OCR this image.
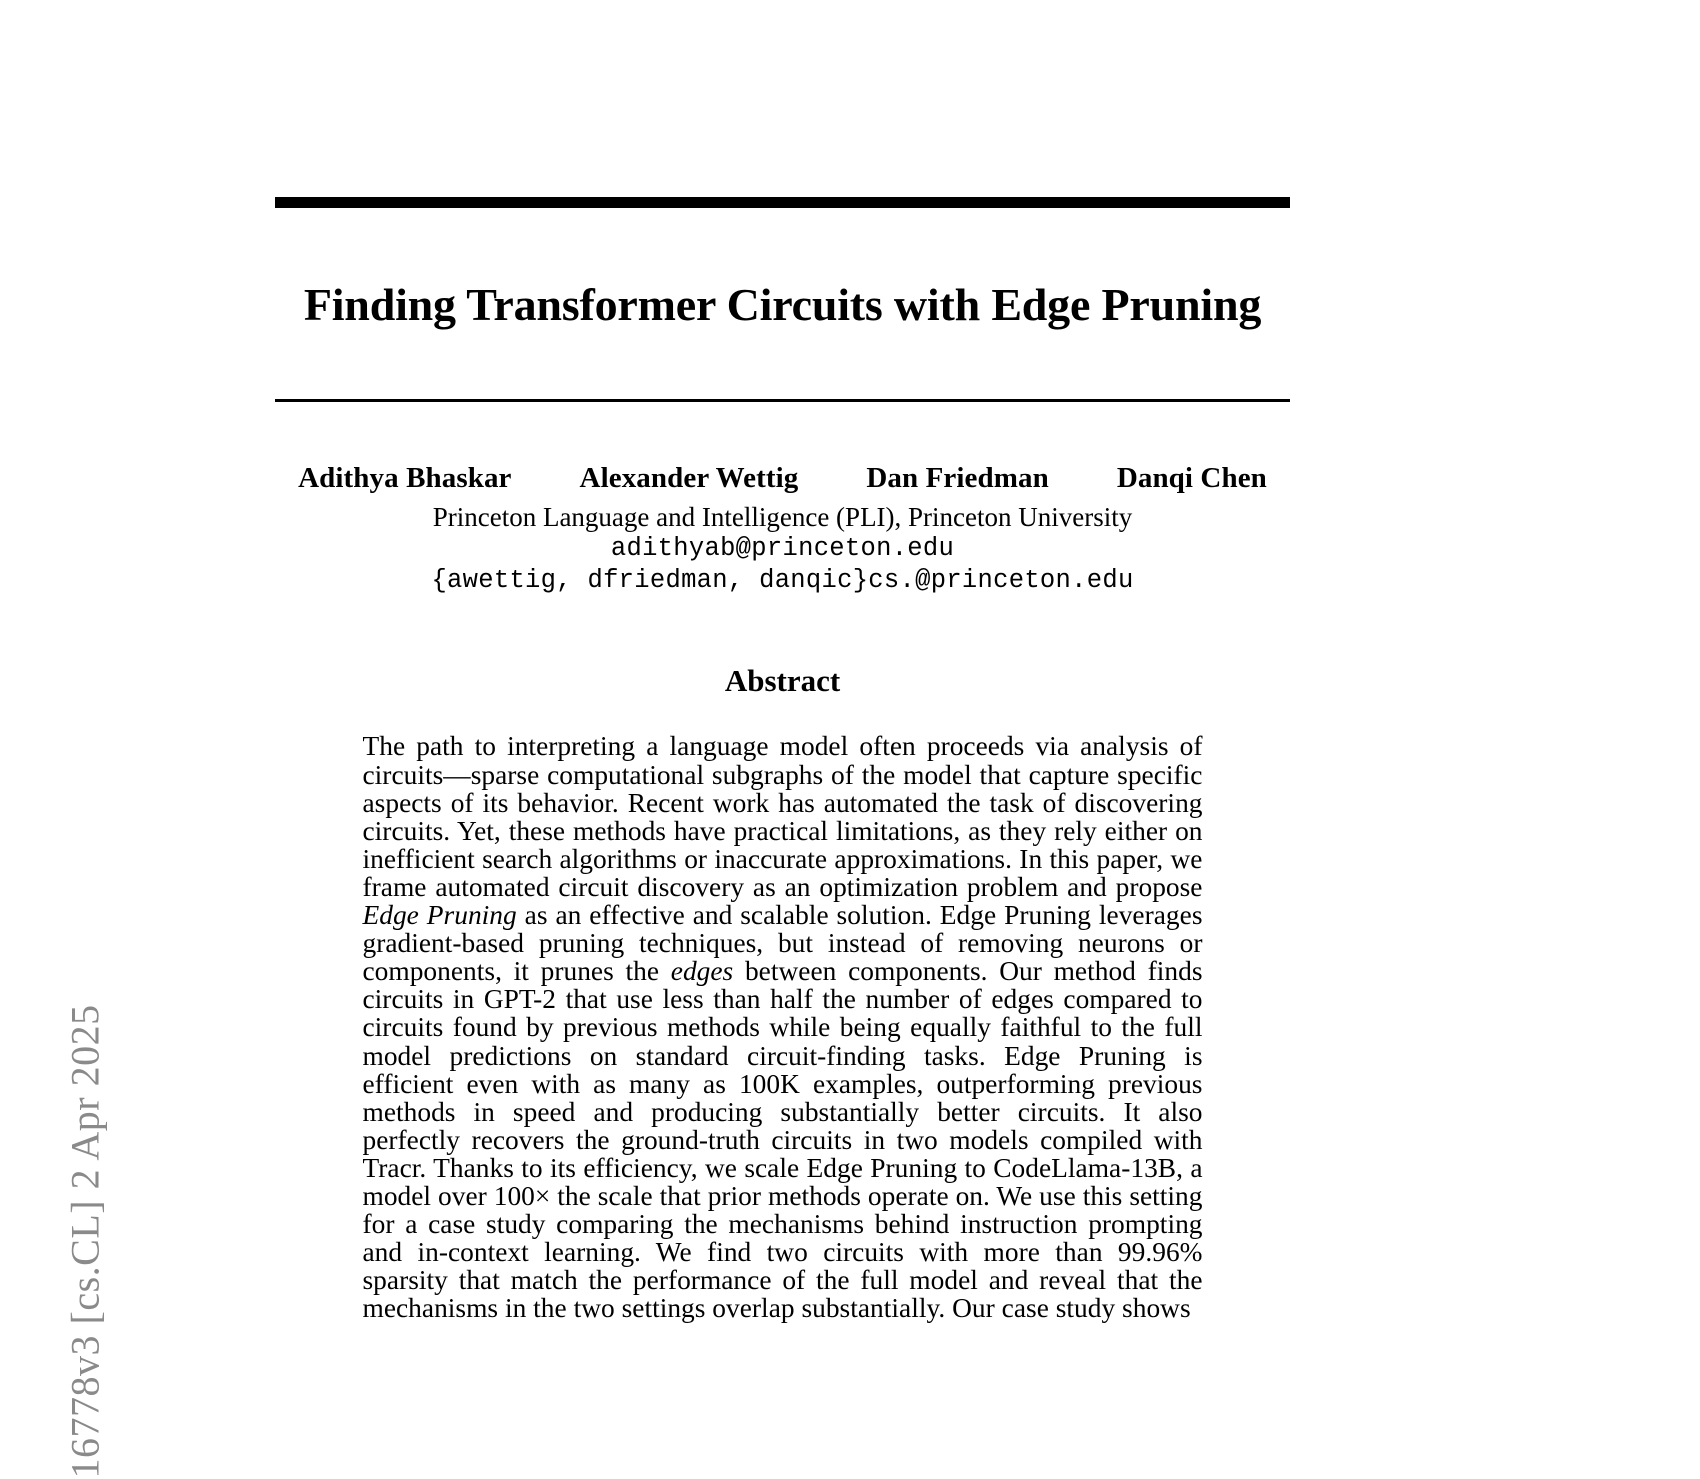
16778v3 [cs.CL] 2 Apr 2025
Finding Transformer Circuits with Edge Pruning
Adithya Bhaskar Alexander Wettig Dan Friedman Danqi Chen
Princeton Language and Intelligence (PLI), Princeton University
adithyab@princeton.edu
{awettig, dfriedman, danqic}cs.@princeton.edu
Abstract

The path to interpreting a language model often proceeds via analysis of circuits—sparse computational subgraphs of the model that capture specific aspects of its behavior. Recent work has automated the task of discovering circuits. Yet, these methods have practical limitations, as they rely either on inefficient search algorithms or inaccurate approximations. In this paper, we frame automated circuit discovery as an optimization problem and propose Edge Pruning as an effective and scalable solution. Edge Pruning leverages gradient-based pruning techniques, but instead of removing neurons or components, it prunes the edges between components. Our method finds circuits in GPT-2 that use less than half the number of edges compared to circuits found by previous methods while being equally faithful to the full model predictions on standard circuit-finding tasks. Edge Pruning is efficient even with as many as 100K examples, outperforming previous methods in speed and producing substantially better circuits. It also perfectly recovers the ground-truth circuits in two models compiled with Tracr. Thanks to its efficiency, we scale Edge Pruning to CodeLlama-13B, a model over 100× the scale that prior methods operate on. We use this setting for a case study comparing the mechanisms behind instruction prompting and in-context learning. We find two circuits with more than 99.96% sparsity that match the performance of the full model and reveal that the mechanisms in the two settings overlap substantially. Our case study shows
